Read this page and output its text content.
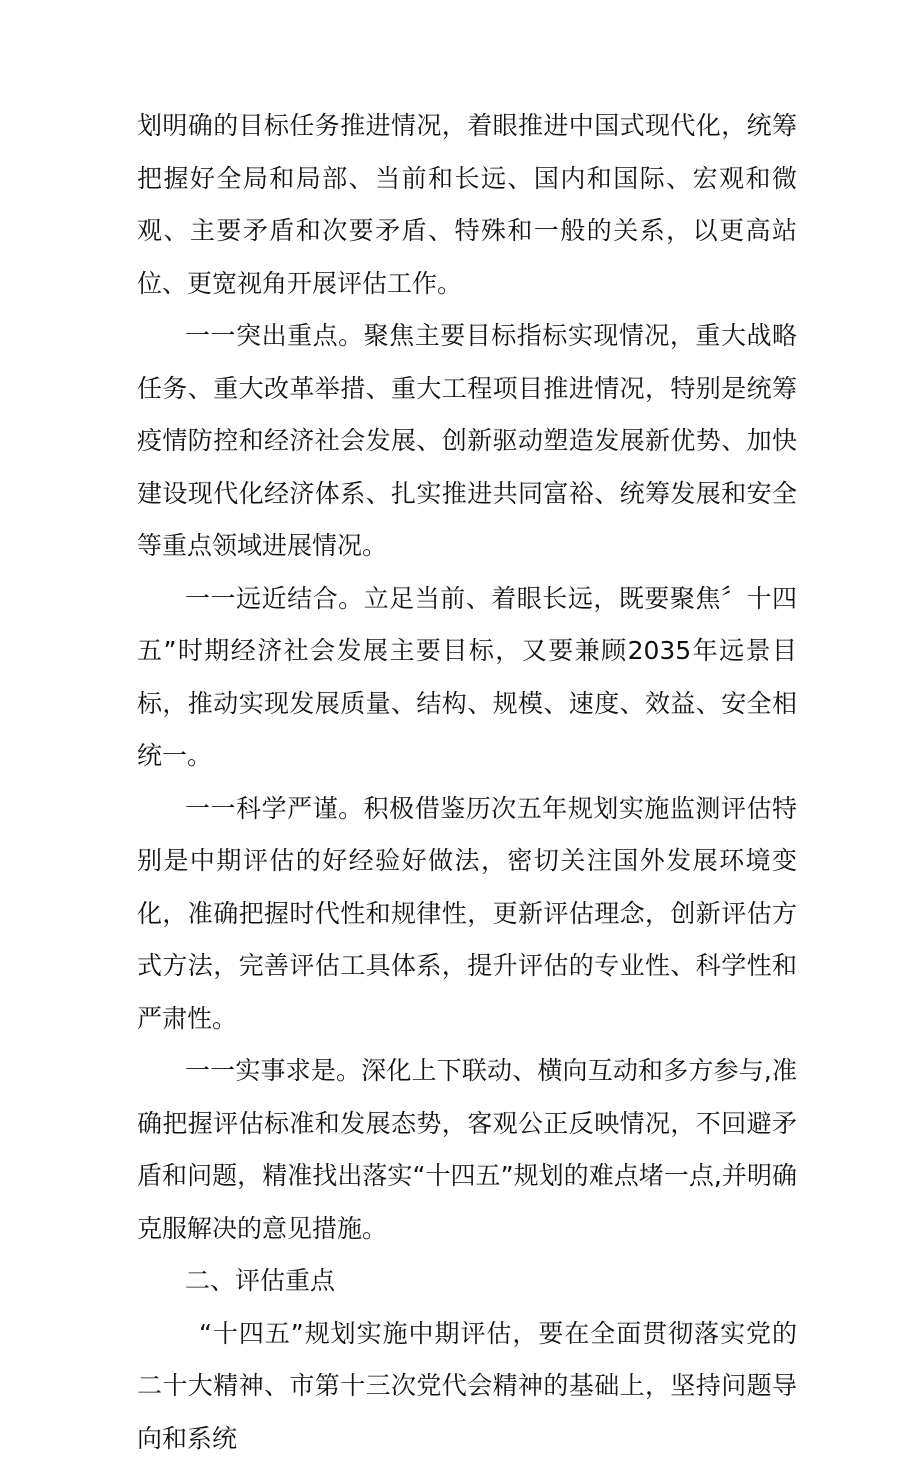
划明确的目标任务推进情况，着眼推进中国式现代化，统筹把握好全局和局部、当前和长远、国内和国际、宏观和微观、主要矛盾和次要矛盾、特殊和一般的关系，以更高站位、更宽视角开展评估工作。

一一突出重点。聚焦主要目标指标实现情况，重大战略任务、重大改革举措、重大工程项目推进情况，特别是统筹疫情防控和经济社会发展、创新驱动塑造发展新优势、加快建设现代化经济体系、扎实推进共同富裕、统筹发展和安全等重点领域进展情况。

一一远近结合。立足当前、着眼长远，既要聚焦〞十四五”时期经济社会发展主要目标，又要兼顾2035年远景目标，推动实现发展质量、结构、规模、速度、效益、安全相统一。

一一科学严谨。积极借鉴历次五年规划实施监测评估特别是中期评估的好经验好做法，密切关注国外发展环境变化，准确把握时代性和规律性，更新评估理念，创新评估方式方法，完善评估工具体系，提升评估的专业性、科学性和严肃性。

一一实事求是。深化上下联动、横向互动和多方参与,准确把握评估标准和发展态势，客观公正反映情况，不回避矛盾和问题，精准找出落实“十四五”规划的难点堵一点,并明确克服解决的意见措施。

二、评估重点

“十四五”规划实施中期评估，要在全面贯彻落实党的二十大精神、市第十三次党代会精神的基础上，坚持问题导向和系统
